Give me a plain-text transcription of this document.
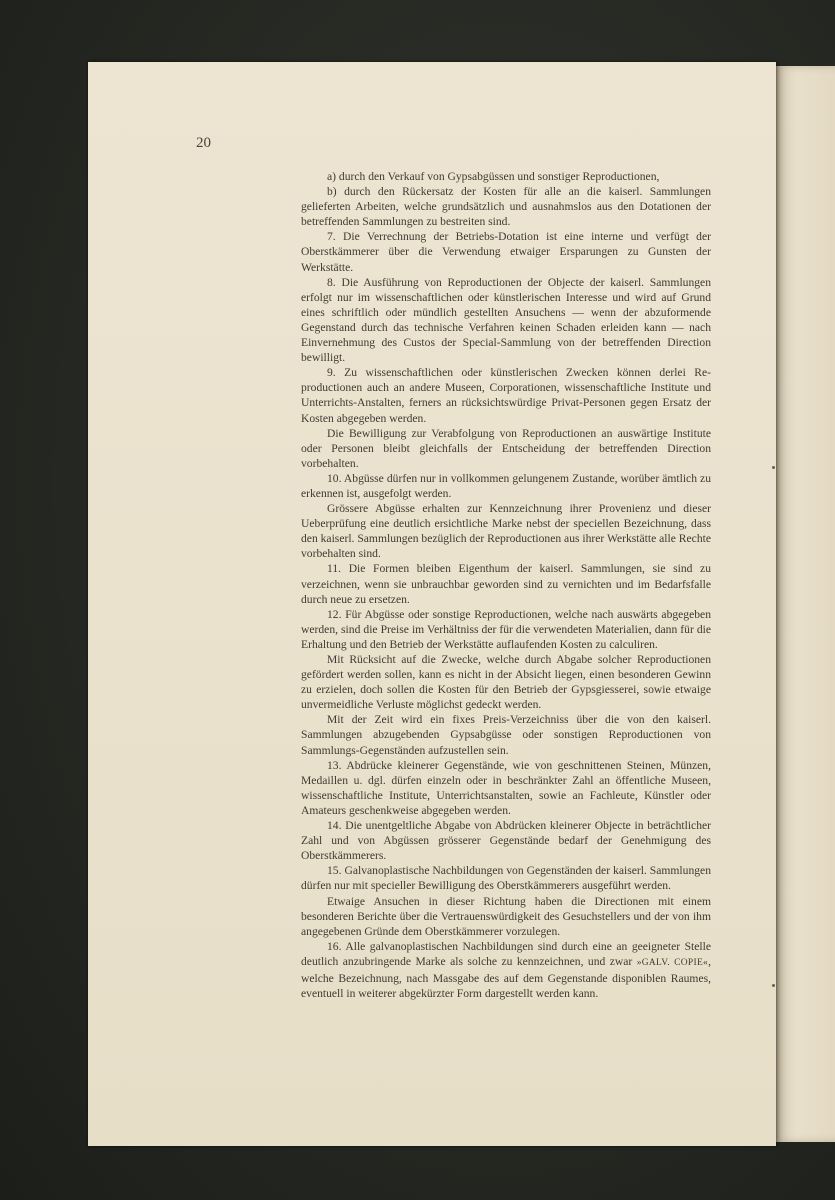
20

a) durch den Verkauf von Gypsabgüssen und sonstiger Reproductionen,

b) durch den Rückersatz der Kosten für alle an die kaiserl. Sammlungen gelieferten Arbeiten, welche grundsätzlich und ausnahmslos aus den Dotationen der betreffenden Sammlungen zu bestreiten sind.

7. Die Verrechnung der Betriebs-Dotation ist eine interne und verfügt der Oberstkämmerer über die Verwendung etwaiger Ersparungen zu Gunsten der Werkstätte.

8. Die Ausführung von Reproductionen der Objecte der kaiserl. Sammlungen erfolgt nur im wissenschaftlichen oder künstlerischen Interesse und wird auf Grund eines schriftlich oder mündlich gestellten Ansuchens — wenn der abzuformende Gegenstand durch das technische Verfahren keinen Schaden erleiden kann — nach Einvernehmung des Custos der Special-Sammlung von der betreffenden Direction bewilligt.

9. Zu wissenschaftlichen oder künstlerischen Zwecken können derlei Reproductionen auch an andere Museen, Corporationen, wissenschaftliche Institute und Unterrichts-Anstalten, ferners an rücksichtswürdige Privat-Personen gegen Ersatz der Kosten abgegeben werden.

Die Bewilligung zur Verabfolgung von Reproductionen an auswärtige Institute oder Personen bleibt gleichfalls der Entscheidung der betreffenden Direction vorbehalten.

10. Abgüsse dürfen nur in vollkommen gelungenem Zustande, worüber ämtlich zu erkennen ist, ausgefolgt werden.

Grössere Abgüsse erhalten zur Kennzeichnung ihrer Provenienz und dieser Ueberprüfung eine deutlich ersichtliche Marke nebst der speciellen Bezeichnung, dass den kaiserl. Sammlungen bezüglich der Reproductionen aus ihrer Werkstätte alle Rechte vorbehalten sind.

11. Die Formen bleiben Eigenthum der kaiserl. Sammlungen, sie sind zu verzeichnen, wenn sie unbrauchbar geworden sind zu vernichten und im Bedarfsfalle durch neue zu ersetzen.

12. Für Abgüsse oder sonstige Reproductionen, welche nach auswärts abgegeben werden, sind die Preise im Verhältniss der für die verwendeten Materialien, dann für die Erhaltung und den Betrieb der Werkstätte auflaufenden Kosten zu calculiren.

Mit Rücksicht auf die Zwecke, welche durch Abgabe solcher Reproductionen gefördert werden sollen, kann es nicht in der Absicht liegen, einen besonderen Gewinn zu erzielen, doch sollen die Kosten für den Betrieb der Gypsgiesserei, sowie etwaige unvermeidliche Verluste möglichst gedeckt werden.

Mit der Zeit wird ein fixes Preis-Verzeichniss über die von den kaiserl. Sammlungen abzugebenden Gypsabgüsse oder sonstigen Reproductionen von Sammlungs-Gegenständen aufzustellen sein.

13. Abdrücke kleinerer Gegenstände, wie von geschnittenen Steinen, Münzen, Medaillen u. dgl. dürfen einzeln oder in beschränkter Zahl an öffentliche Museen, wissenschaftliche Institute, Unterrichtsanstalten, sowie an Fachleute, Künstler oder Amateurs geschenkweise abgegeben werden.

14. Die unentgeltliche Abgabe von Abdrücken kleinerer Objecte in beträchtlicher Zahl und von Abgüssen grösserer Gegenstände bedarf der Genehmigung des Oberstkämmerers.

15. Galvanoplastische Nachbildungen von Gegenständen der kaiserl. Sammlungen dürfen nur mit specieller Bewilligung des Oberstkämmerers ausgeführt werden.

Etwaige Ansuchen in dieser Richtung haben die Directionen mit einem besonderen Berichte über die Vertrauenswürdigkeit des Gesuchstellers und der von ihm angegebenen Gründe dem Oberstkämmerer vorzulegen.

16. Alle galvanoplastischen Nachbildungen sind durch eine an geeigneter Stelle deutlich anzubringende Marke als solche zu kennzeichnen, und zwar »GALV. COPIE«, welche Bezeichnung, nach Massgabe des auf dem Gegenstande disponiblen Raumes, eventuell in weiterer abgekürzter Form dargestellt werden kann.
